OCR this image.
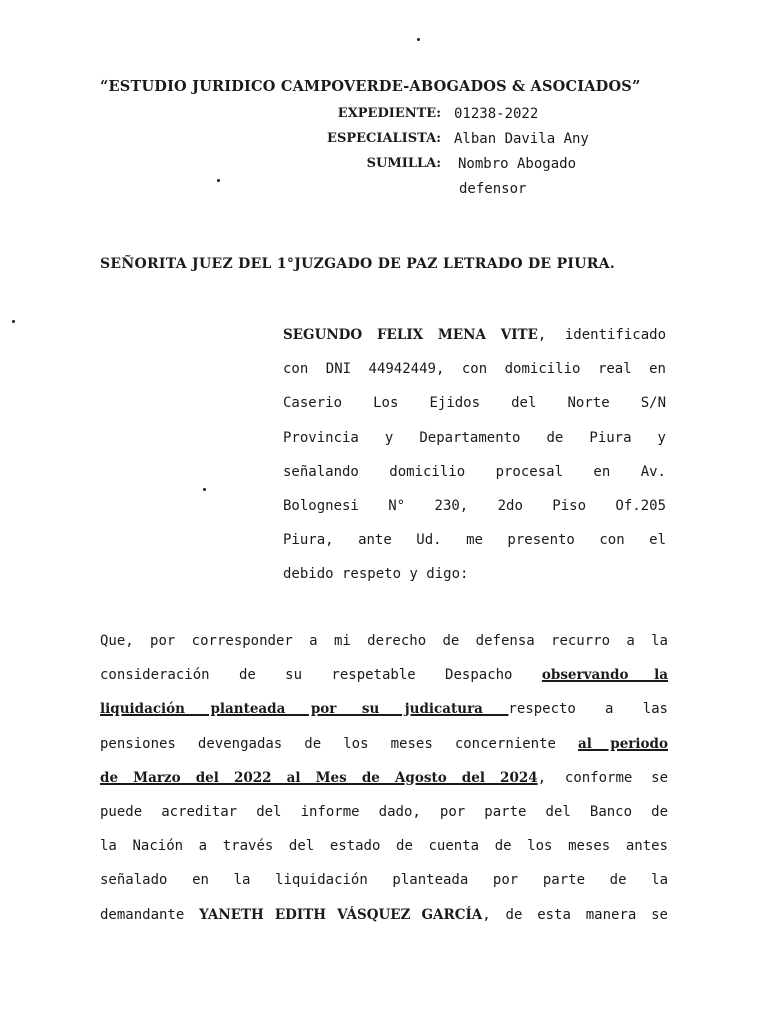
“ESTUDIO JURIDICO CAMPOVERDE-ABOGADOS & ASOCIADOS”
EXPEDIENTE: 01238-2022
ESPECIALISTA: Alban Davila Any
SUMILLA: Nombro Abogado
defensor
SEÑORITA JUEZ DEL 1°JUZGADO DE PAZ LETRADO DE PIURA.
SEGUNDO FELIX MENA VITE, identificado
con DNI 44942449, con domicilio real en
Caserio Los Ejidos del Norte S/N
Provincia y Departamento de Piura y
señalando domicilio procesal en Av.
Bolognesi N° 230, 2do Piso Of.205
Piura, ante Ud. me presento con el
debido respeto y digo:
Que, por corresponder a mi derecho de defensa recurro a la
consideración de su respetable Despacho observando la
liquidación planteada por su judicatura respecto a las
pensiones devengadas de los meses concerniente al periodo
de Marzo del 2022 al Mes de Agosto del 2024, conforme se
puede acreditar del informe dado, por parte del Banco de
la Nación a través del estado de cuenta de los meses antes
señalado en la liquidación planteada por parte de la
demandante YANETH EDITH VÁSQUEZ GARCÍA, de esta manera se
